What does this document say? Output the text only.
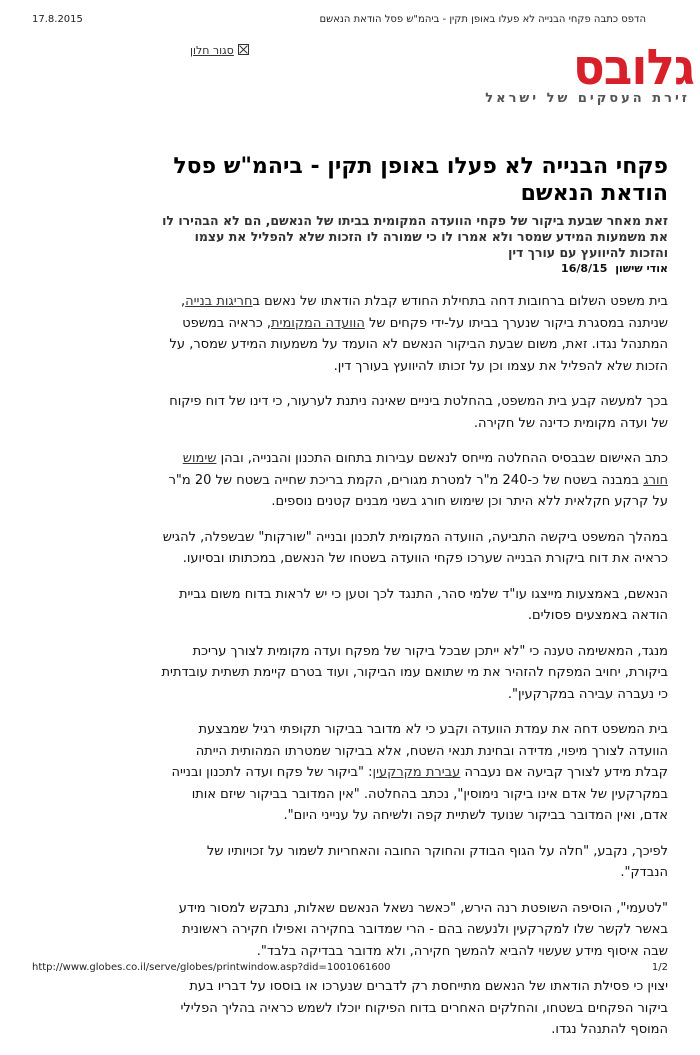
17.8.2015	הדפס כתבה פקחי הבנייה לא פעלו באופן תקין - ביהמ"ש פסל הודאת הנאשם
סגור חלון	גלובס
זירת העסקים של ישראל
פקחי הבנייה לא פעלו באופן תקין - ביהמ"ש פסל הודאת הנאשם
זאת מאחר שבעת ביקור של פקחי הוועדה המקומית בביתו של הנאשם, הם לא הבהירו לו את משמעות המידע שמסר ולא אמרו לו כי שמורה לו הזכות שלא להפליל את עצמו והזכות להיוועץ עם עורך דין
אודי שישון 16/8/15

בית משפט השלום ברחובות דחה בתחילת החודש קבלת הודאתו של נאשם בחריגות בנייה, שניתנה במסגרת ביקור שנערך בביתו על-ידי פקחים של הוועדה המקומית, כראיה במשפט המתנהל נגדו. זאת, משום שבעת הביקור הנאשם לא הועמד על משמעות המידע שמסר, על הזכות שלא להפליל את עצמו וכן על זכותו להיוועץ בעורך דין.

בכך למעשה קבע בית המשפט, בהחלטת ביניים שאינה ניתנת לערעור, כי דינו של דוח פיקוח של ועדה מקומית כדינה של חקירה.

כתב האישום שבבסיס ההחלטה מייחס לנאשם עבירות בתחום התכנון והבנייה, ובהן שימוש חורג במבנה בשטח של כ-240 מ"ר למטרת מגורים, הקמת בריכת שחייה בשטח של 20 מ"ר על קרקע חקלאית ללא היתר וכן שימוש חורג בשני מבנים קטנים נוספים.

במהלך המשפט ביקשה התביעה, הוועדה המקומית לתכנון ובנייה "שורקות" שבשפלה, להגיש כראיה את דוח ביקורת הבנייה שערכו פקחי הוועדה בשטחו של הנאשם, במכתותו ובסיועו.

הנאשם, באמצעות מייצגו עו"ד שלמי סהר, התנגד לכך וטען כי יש לראות בדוח משום גביית הודאה באמצעים פסולים.

מנגד, המאשימה טענה כי "לא ייתכן שבכל ביקור של מפקח ועדה מקומית לצורך עריכת ביקורת, יחויב המפקח להזהיר את מי שתואם עמו הביקור, ועוד בטרם קיימת תשתית עובדתית כי נעברה עבירה במקרקעין".

בית המשפט דחה את עמדת הוועדה וקבע כי לא מדובר בביקור תקופתי רגיל שמבצעת הוועדה לצורך מיפוי, מדידה ובחינת תנאי השטח, אלא בביקור שמטרתו המהותית הייתה קבלת מידע לצורך קביעה אם נעברה עבירת מקרקעין: "ביקור של פקח ועדה לתכנון ובנייה במקרקעין של אדם אינו ביקור נימוסין", נכתב בהחלטה. "אין המדובר בביקור שיזם אותו אדם, ואין המדובר בביקור שנועד לשתיית קפה ולשיחה על ענייני היום".

לפיכך, נקבע, "חלה על הגוף הבודק והחוקר החובה והאחריות לשמור על זכויותיו של הנבדק".

"לטעמי", הוסיפה השופטת רנה הירש, "כאשר נשאל הנאשם שאלות, נתבקש למסור מידע באשר לקשר שלו למקרקעין ולנעשה בהם - הרי שמדובר בחקירה ואפילו חקירה ראשונית שבה איסוף מידע שעשוי להביא להמשך חקירה, ולא מדובר בבדיקה בלבד".

יצוין כי פסילת הודאתו של הנאשם מתייחסת רק לדברים שנערכו או בוססו על דבריו בעת ביקור הפקחים בשטחו, והחלקים האחרים בדוח הפיקוח יוכלו לשמש כראיה בהליך הפלילי המוסף להתנהל נגדו.

http://www.globes.co.il/serve/globes/printwindow.asp?did=1001061600	1/2
